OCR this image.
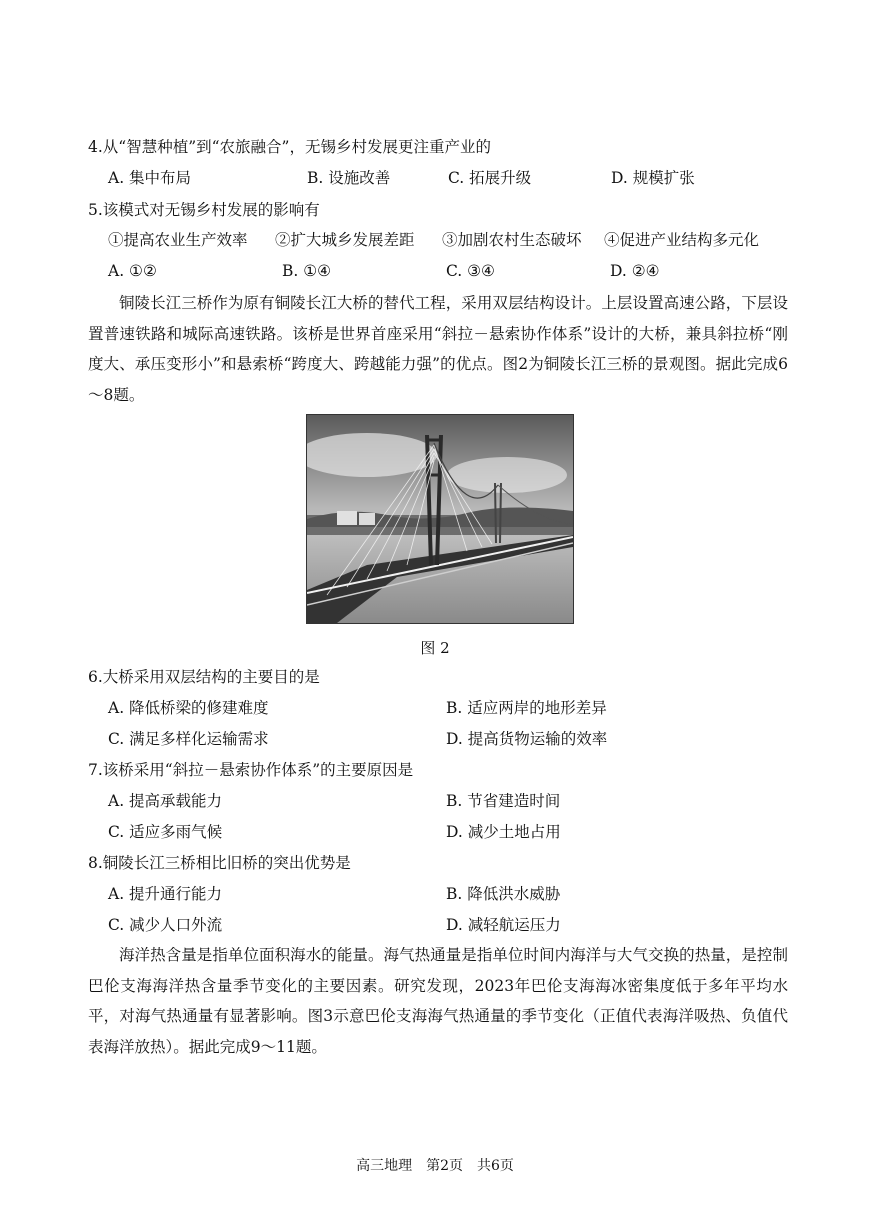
4.从“智慧种植”到“农旅融合”，无锡乡村发展更注重产业的
A. 集中布局	B. 设施改善	C. 拓展升级	D. 规模扩张
5.该模式对无锡乡村发展的影响有
①提高农业生产效率 ②扩大城乡发展差距 ③加剧农村生态破坏 ④促进产业结构多元化
A. ①②	B. ①④	C. ③④	D. ②④
铜陵长江三桥作为原有铜陵长江大桥的替代工程，采用双层结构设计。上层设置高速公路，下层设置普速铁路和城际高速铁路。该桥是世界首座采用“斜拉－悬索协作体系”设计的大桥，兼具斜拉桥“刚度大、承压变形小”和悬索桥“跨度大、跨越能力强”的优点。图2为铜陵长江三桥的景观图。据此完成6～8题。
图 2
6.大桥采用双层结构的主要目的是
A. 降低桥梁的修建难度	B. 适应两岸的地形差异
C. 满足多样化运输需求	D. 提高货物运输的效率
7.该桥采用“斜拉－悬索协作体系”的主要原因是
A. 提高承载能力	B. 节省建造时间
C. 适应多雨气候	D. 减少土地占用
8.铜陵长江三桥相比旧桥的突出优势是
A. 提升通行能力	B. 降低洪水威胁
C. 减少人口外流	D. 减轻航运压力
海洋热含量是指单位面积海水的能量。海气热通量是指单位时间内海洋与大气交换的热量，是控制巴伦支海海洋热含量季节变化的主要因素。研究发现，2023年巴伦支海海冰密集度低于多年平均水平，对海气热通量有显著影响。图3示意巴伦支海海气热通量的季节变化（正值代表海洋吸热、负值代表海洋放热）。据此完成9～11题。
高三地理　第2页　共6页
